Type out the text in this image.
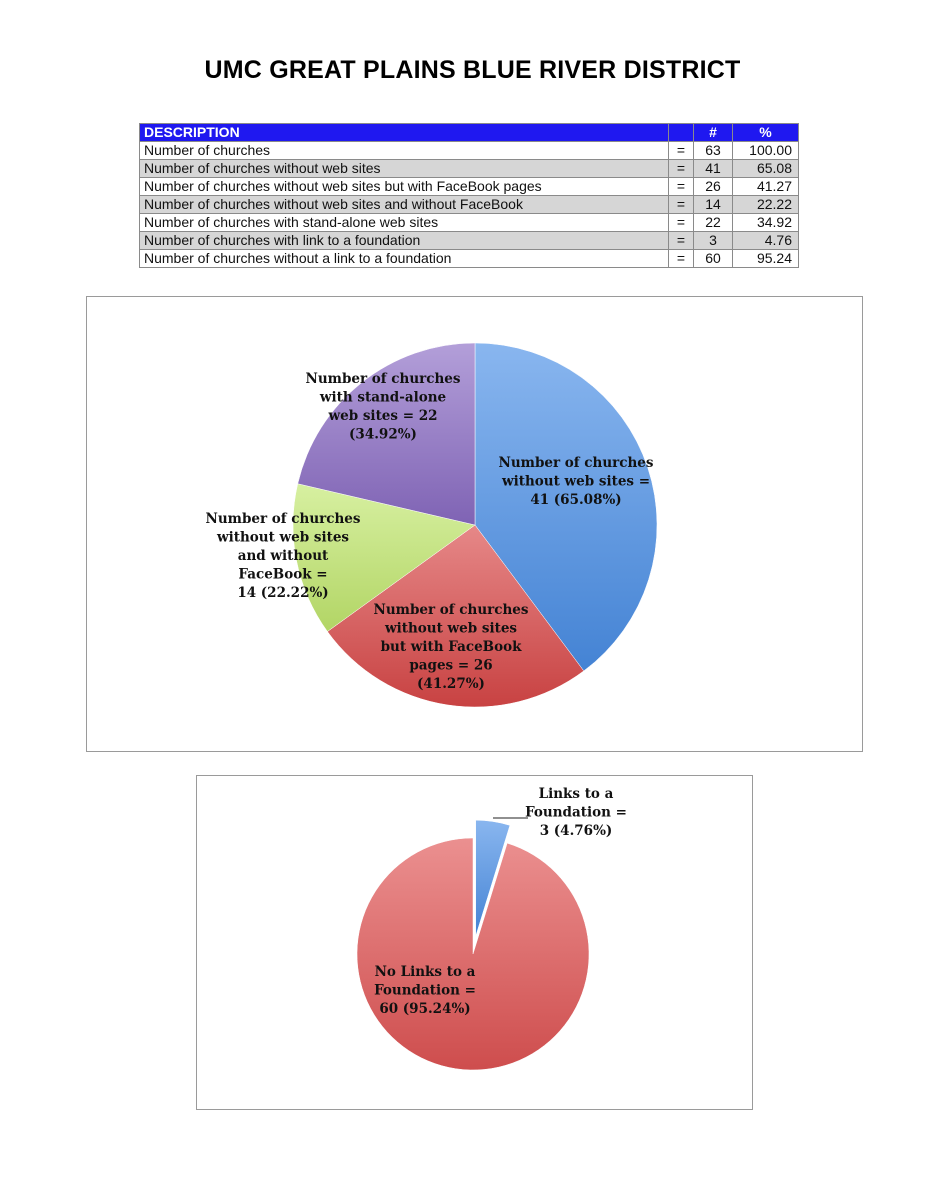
UMC GREAT PLAINS BLUE RIVER DISTRICT
DESCRIPTION		#	%
Number of churches	=	63	100.00
Number of churches without web sites	=	41	65.08
Number of churches without web sites but with FaceBook pages	=	26	41.27
Number of churches without web sites and without FaceBook	=	14	22.22
Number of churches with stand-alone web sites	=	22	34.92
Number of churches with link to a foundation	=	3	4.76
Number of churches without a link to a foundation	=	60	95.24
Number of churches without web sites = 41 (65.08%)
Number of churches without web sites but with FaceBook pages = 26 (41.27%)
Number of churches without web sites and without FaceBook = 14 (22.22%)
Number of churches with stand-alone web sites = 22 (34.92%)
Links to a Foundation = 3 (4.76%)
No Links to a Foundation = 60 (95.24%)
